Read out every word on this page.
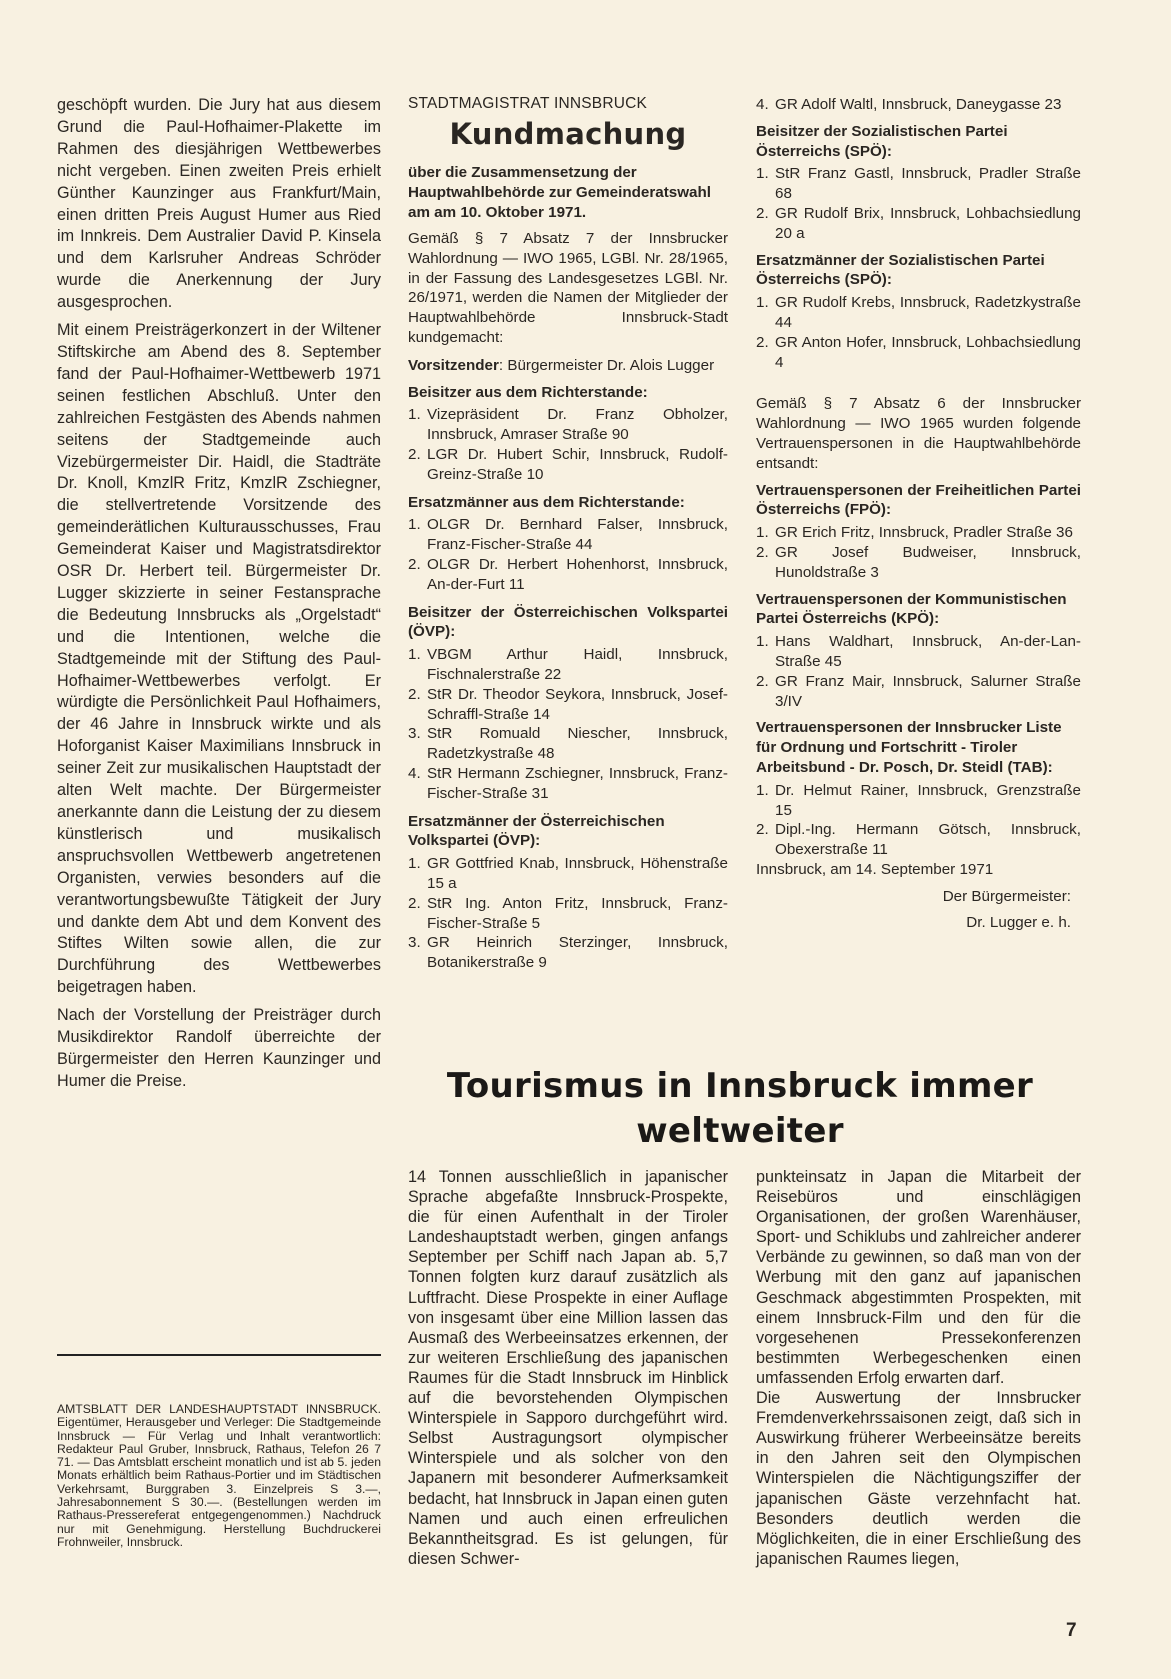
geschöpft wurden. Die Jury hat aus diesem Grund die Paul-Hofhaimer-Plakette im Rahmen des diesjährigen Wettbewerbes nicht vergeben. Einen zweiten Preis erhielt Günther Kaunzinger aus Frankfurt/Main, einen dritten Preis August Humer aus Ried im Innkreis. Dem Australier David P. Kinsela und dem Karlsruher Andreas Schröder wurde die Anerkennung der Jury ausgesprochen.

Mit einem Preisträgerkonzert in der Wiltener Stiftskirche am Abend des 8. September fand der Paul-Hofhaimer-Wettbewerb 1971 seinen festlichen Abschluß. Unter den zahlreichen Festgästen des Abends nahmen seitens der Stadtgemeinde auch Vizebürgermeister Dir. Haidl, die Stadträte Dr. Knoll, KmzlR Fritz, KmzlR Zschiegner, die stellvertretende Vorsitzende des gemeinderätlichen Kulturausschusses, Frau Gemeinderat Kaiser und Magistratsdirektor OSR Dr. Herbert teil. Bürgermeister Dr. Lugger skizzierte in seiner Festansprache die Bedeutung Innsbrucks als „Orgelstadt“ und die Intentionen, welche die Stadtgemeinde mit der Stiftung des Paul-Hofhaimer-Wettbewerbes verfolgt. Er würdigte die Persönlichkeit Paul Hofhaimers, der 46 Jahre in Innsbruck wirkte und als Hoforganist Kaiser Maximilians Innsbruck in seiner Zeit zur musikalischen Hauptstadt der alten Welt machte. Der Bürgermeister anerkannte dann die Leistung der zu diesem künstlerisch und musikalisch anspruchsvollen Wettbewerb angetretenen Organisten, verwies besonders auf die verantwortungsbewußte Tätigkeit der Jury und dankte dem Abt und dem Konvent des Stiftes Wilten sowie allen, die zur Durchführung des Wettbewerbes beigetragen haben.

Nach der Vorstellung der Preisträger durch Musikdirektor Randolf überreichte der Bürgermeister den Herren Kaunzinger und Humer die Preise.

AMTSBLATT DER LANDESHAUPTSTADT INNSBRUCK. Eigentümer, Herausgeber und Verleger: Die Stadtgemeinde Innsbruck — Für Verlag und Inhalt verantwortlich: Redakteur Paul Gruber, Innsbruck, Rathaus, Telefon 26 7 71. — Das Amtsblatt erscheint monatlich und ist ab 5. jeden Monats erhältlich beim Rathaus-Portier und im Städtischen Verkehrsamt, Burggraben 3. Einzelpreis S 3.—, Jahresabonnement S 30.—. (Bestellungen werden im Rathaus-Pressereferat entgegengenommen.) Nachdruck nur mit Genehmigung. Herstellung Buchdruckerei Frohnweiler, Innsbruck.

STADTMAGISTRAT INNSBRUCK
Kundmachung

über die Zusammensetzung der Hauptwahlbehörde zur Gemeinderatswahl am am 10. Oktober 1971.

Gemäß § 7 Absatz 7 der Innsbrucker Wahlordnung — IWO 1965, LGBl. Nr. 28/1965, in der Fassung des Landesgesetzes LGBl. Nr. 26/1971, werden die Namen der Mitglieder der Hauptwahlbehörde Innsbruck-Stadt kundgemacht:

Vorsitzender: Bürgermeister Dr. Alois Lugger

Beisitzer aus dem Richterstande:
1. Vizepräsident Dr. Franz Obholzer, Innsbruck, Amraser Straße 90
2. LGR Dr. Hubert Schir, Innsbruck, Rudolf-Greinz-Straße 10
Ersatzmänner aus dem Richterstande:
1. OLGR Dr. Bernhard Falser, Innsbruck, Franz-Fischer-Straße 44
2. OLGR Dr. Herbert Hohenhorst, Innsbruck, An-der-Furt 11
Beisitzer der Österreichischen Volkspartei (ÖVP):
1. VBGM Arthur Haidl, Innsbruck, Fischnalerstraße 22
2. StR Dr. Theodor Seykora, Innsbruck, Josef-Schraffl-Straße 14
3. StR Romuald Niescher, Innsbruck, Radetzkystraße 48
4. StR Hermann Zschiegner, Innsbruck, Franz-Fischer-Straße 31
Ersatzmänner der Österreichischen Volkspartei (ÖVP):
1. GR Gottfried Knab, Innsbruck, Höhenstraße 15 a
2. StR Ing. Anton Fritz, Innsbruck, Franz-Fischer-Straße 5
3. GR Heinrich Sterzinger, Innsbruck, Botanikerstraße 9
4. GR Adolf Waltl, Innsbruck, Daneygasse 23
Beisitzer der Sozialistischen Partei Österreichs (SPÖ):
1. StR Franz Gastl, Innsbruck, Pradler Straße 68
2. GR Rudolf Brix, Innsbruck, Lohbachsiedlung 20 a
Ersatzmänner der Sozialistischen Partei Österreichs (SPÖ):
1. GR Rudolf Krebs, Innsbruck, Radetzkystraße 44
2. GR Anton Hofer, Innsbruck, Lohbachsiedlung 4

Gemäß § 7 Absatz 6 der Innsbrucker Wahlordnung — IWO 1965 wurden folgende Vertrauenspersonen in die Hauptwahlbehörde entsandt:

Vertrauenspersonen der Freiheitlichen Partei Österreichs (FPÖ):
1. GR Erich Fritz, Innsbruck, Pradler Straße 36
2. GR Josef Budweiser, Innsbruck, Hunoldstraße 3
Vertrauenspersonen der Kommunistischen Partei Österreichs (KPÖ):
1. Hans Waldhart, Innsbruck, An-der-Lan-Straße 45
2. GR Franz Mair, Innsbruck, Salurner Straße 3/IV
Vertrauenspersonen der Innsbrucker Liste für Ordnung und Fortschritt - Tiroler Arbeitsbund - Dr. Posch, Dr. Steidl (TAB):
1. Dr. Helmut Rainer, Innsbruck, Grenzstraße 15
2. Dipl.-Ing. Hermann Götsch, Innsbruck, Obexerstraße 11

Innsbruck, am 14. September 1971

Der Bürgermeister:
Dr. Lugger e. h.
Tourismus in Innsbruck immer
weltweiter

14 Tonnen ausschließlich in japanischer Sprache abgefaßte Innsbruck-Prospekte, die für einen Aufenthalt in der Tiroler Landeshauptstadt werben, gingen anfangs September per Schiff nach Japan ab. 5,7 Tonnen folgten kurz darauf zusätzlich als Luftfracht. Diese Prospekte in einer Auflage von insgesamt über eine Million lassen das Ausmaß des Werbeeinsatzes erkennen, der zur weiteren Erschließung des japanischen Raumes für die Stadt Innsbruck im Hinblick auf die bevorstehenden Olympischen Winterspiele in Sapporo durchgeführt wird. Selbst Austragungsort olympischer Winterspiele und als solcher von den Japanern mit besonderer Aufmerksamkeit bedacht, hat Innsbruck in Japan einen guten Namen und auch einen erfreulichen Bekanntheitsgrad. Es ist gelungen, für diesen Schwer-

punkteinsatz in Japan die Mitarbeit der Reisebüros und einschlägigen Organisationen, der großen Warenhäuser, Sport- und Schiklubs und zahlreicher anderer Verbände zu gewinnen, so daß man von der Werbung mit den ganz auf japanischen Geschmack abgestimmten Prospekten, mit einem Innsbruck-Film und den für die vorgesehenen Pressekonferenzen bestimmten Werbegeschenken einen umfassenden Erfolg erwarten darf.

Die Auswertung der Innsbrucker Fremdenverkehrssaisonen zeigt, daß sich in Auswirkung früherer Werbeeinsätze bereits in den Jahren seit den Olympischen Winterspielen die Nächtigungsziffer der japanischen Gäste verzehnfacht hat. Besonders deutlich werden die Möglichkeiten, die in einer Erschließung des japanischen Raumes liegen,

7
